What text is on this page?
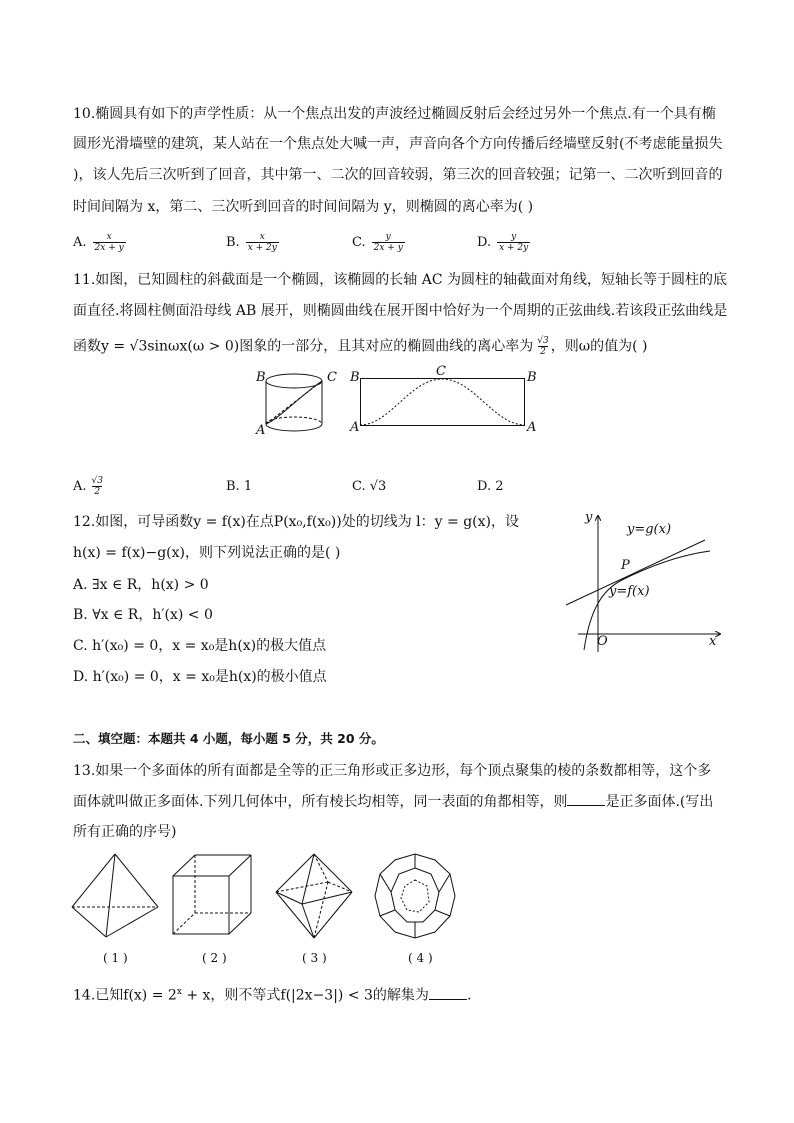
10.椭圆具有如下的声学性质：从一个焦点出发的声波经过椭圆反射后会经过另外一个焦点.有一个具有椭
圆形光滑墙壁的建筑，某人站在一个焦点处大喊一声，声音向各个方向传播后经墙壁反射(不考虑能量损失
)，该人先后三次听到了回音，其中第一、二次的回音较弱，第三次的回音较强；记第一、二次听到回音的
时间间隔为 x，第二、三次听到回音的时间间隔为 y，则椭圆的离心率为( )
A. $\frac{x}{2x + y}$	B. $\frac{x}{x + 2y}$	C. $\frac{y}{2x + y}$	D. $\frac{y}{x + 2y}$
11.如图，已知圆柱的斜截面是一个椭圆，该椭圆的长轴 AC 为圆柱的轴截面对角线，短轴长等于圆柱的底
面直径.将圆柱侧面沿母线 AB 展开，则椭圆曲线在展开图中恰好为一个周期的正弦曲线.若该段正弦曲线是
函数y = √3sinωx(ω > 0)图象的一部分，且其对应的椭圆曲线的离心率为 $\frac{√3}{2}$ ，则ω的值为( )
B	C
A
B	C	B
A	A
A. $\frac{√3}{2}$	B. 1	C. √3	D. 2
12.如图，可导函数y = f(x)在点P(x₀,f(x₀))处的切线为 l：y = g(x)，设
h(x) = f(x)−g(x)，则下列说法正确的是( )
A. ∃x ∈ R，h(x) > 0
B. ∀x ∈ R，h′(x) < 0
C. h′(x₀) = 0，x = x₀是h(x)的极大值点
D. h′(x₀) = 0，x = x₀是h(x)的极小值点
y
x
O
P
y=g(x)
y=f(x)
二、填空题：本题共 4 小题，每小题 5 分，共 20 分。
13.如果一个多面体的所有面都是全等的正三角形或正多边形，每个顶点聚集的棱的条数都相等，这个多
面体就叫做正多面体.下列几何体中，所有棱长均相等，同一表面的角都相等，则	是正多面体.(写出
所有正确的序号)
( 1 )	( 2 )	( 3 )	( 4 )
14.已知$f(x) = 2^x + x$，则不等式f(|2x−3|) < 3的解集为	.
